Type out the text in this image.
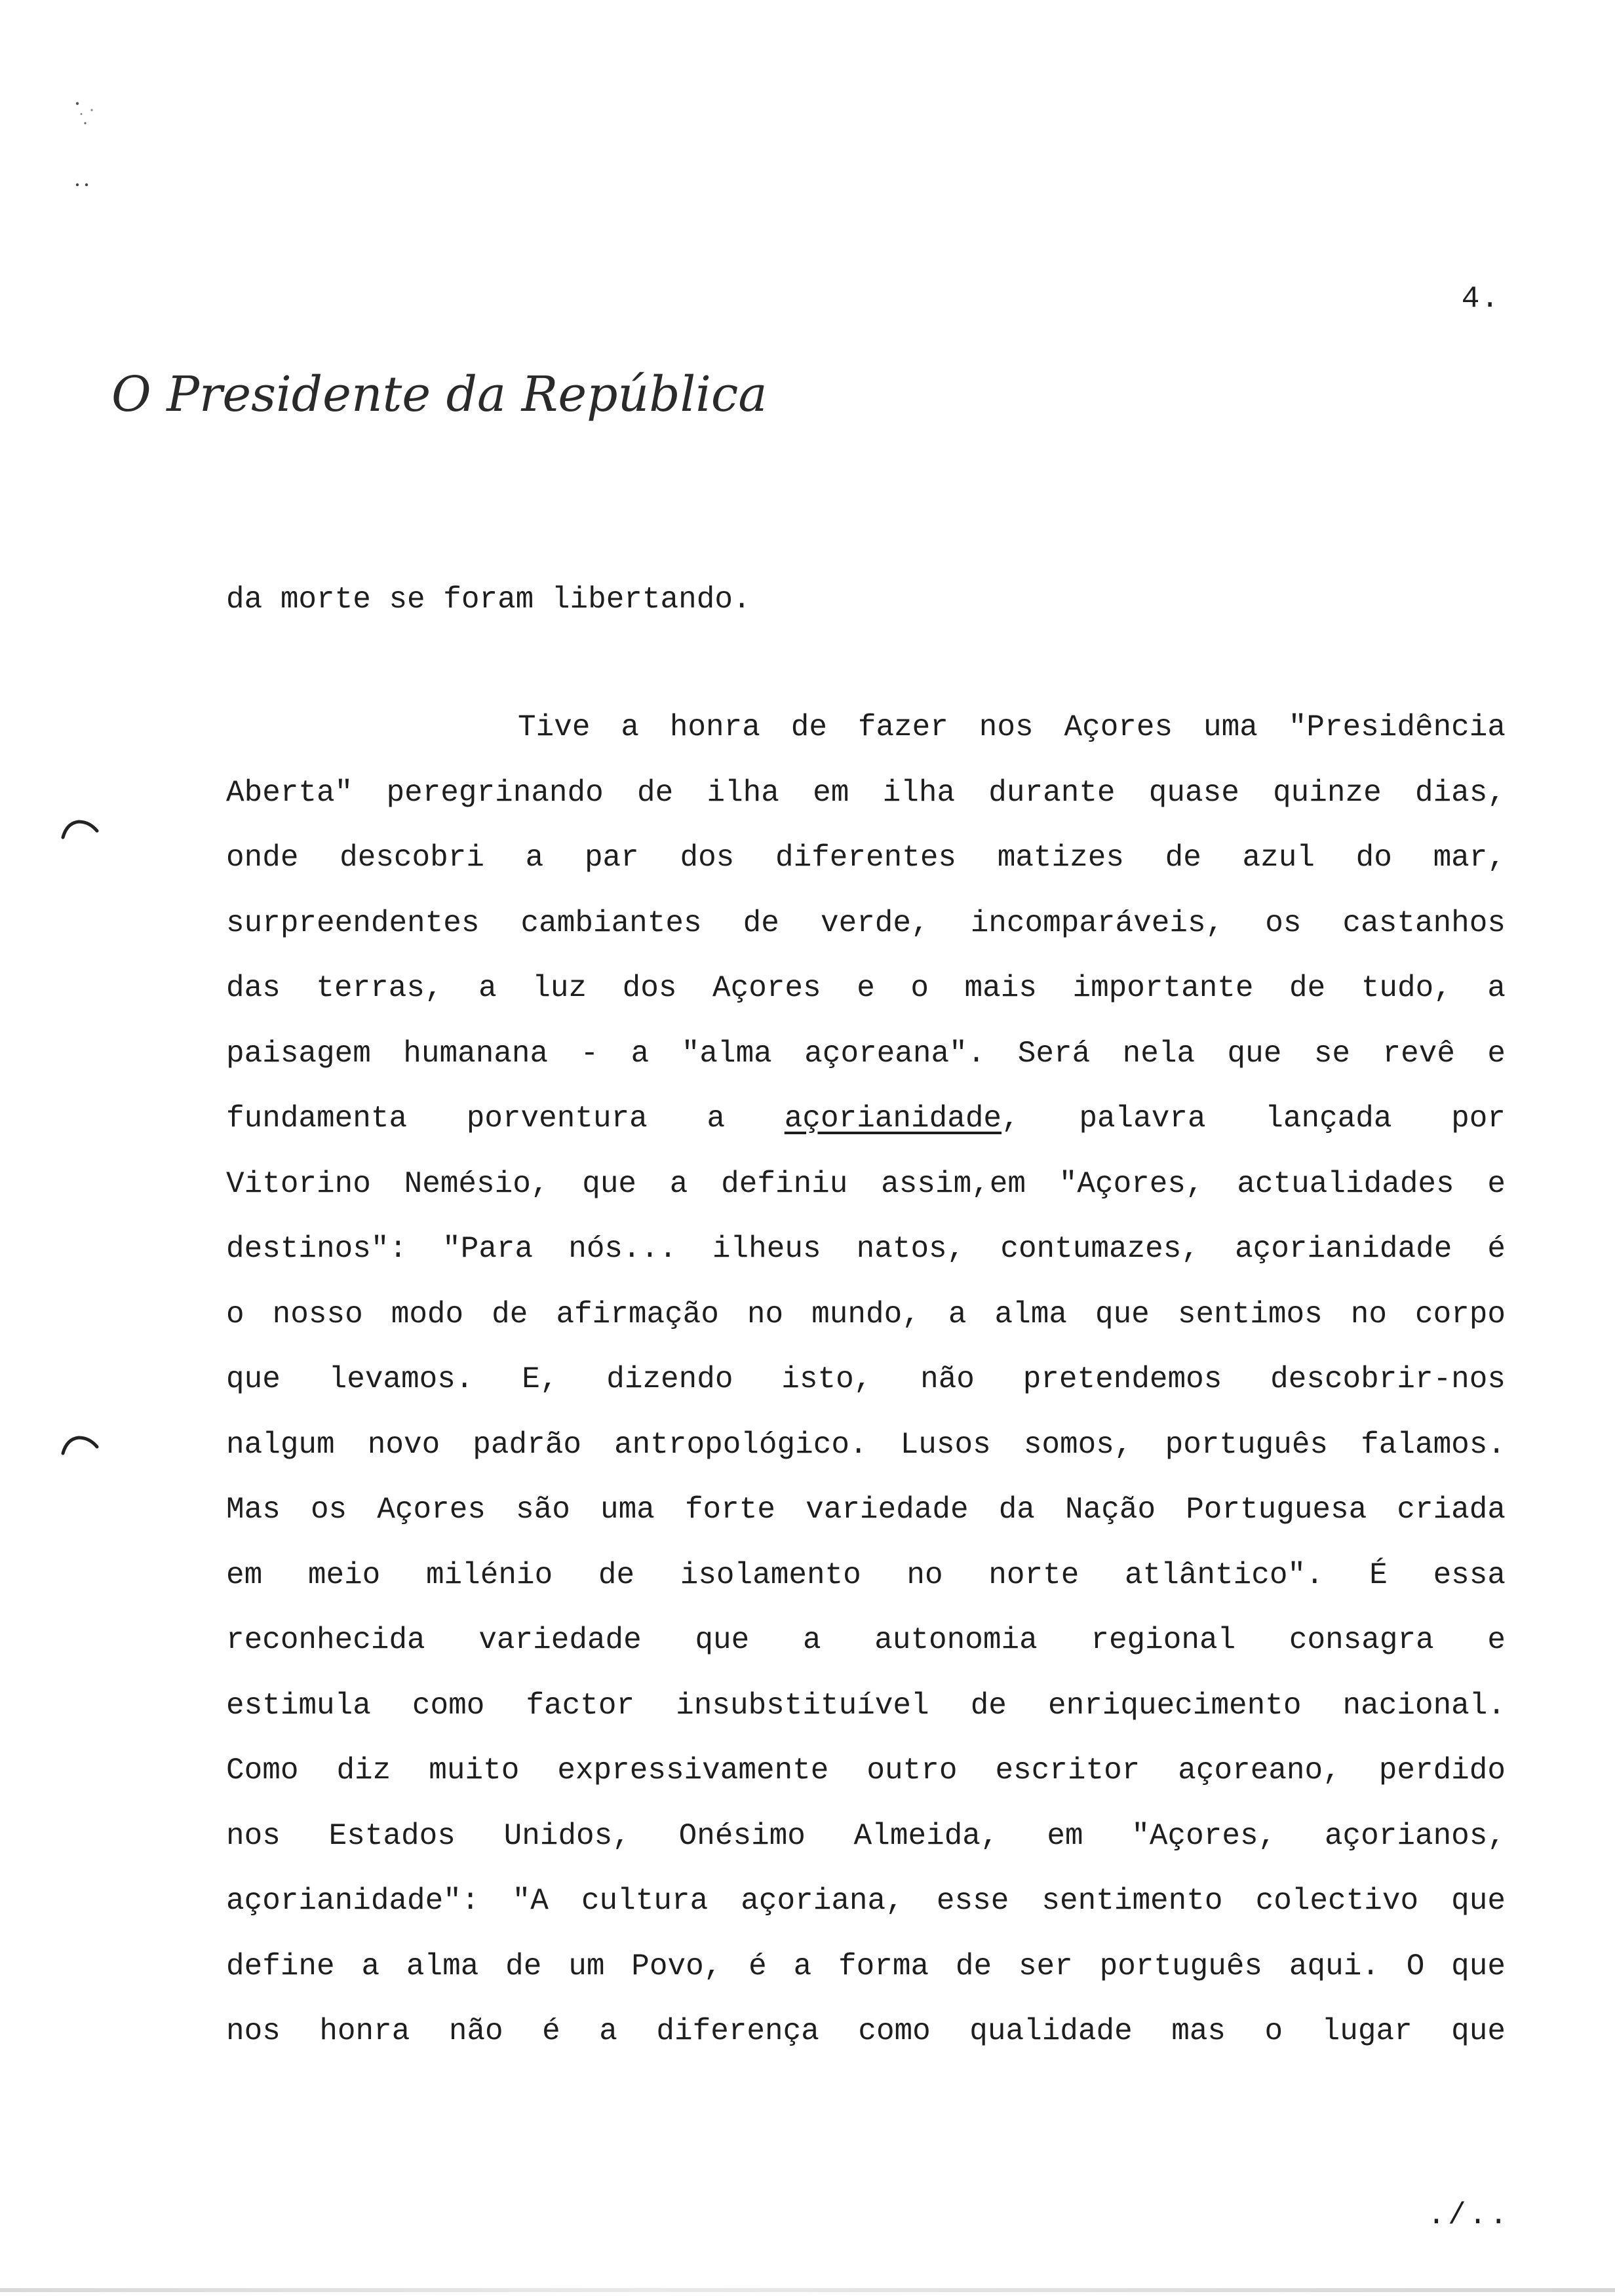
4.
O Presidente da República

da morte se foram libertando.

Tive a honra de fazer nos Açores uma "Presidência
Aberta" peregrinando de ilha em ilha durante quase quinze dias,
onde descobri a par dos diferentes matizes de azul do mar,
surpreendentes cambiantes de verde, incomparáveis, os castanhos
das terras, a luz dos Açores e o mais importante de tudo, a
paisagem humanana - a "alma açoreana". Será nela que se revê e
fundamenta porventura a açorianidade, palavra lançada por
Vitorino Nemésio, que a definiu assim,em "Açores, actualidades e
destinos": "Para nós... ilheus natos, contumazes, açorianidade é
o nosso modo de afirmação no mundo, a alma que sentimos no corpo
que levamos. E, dizendo isto, não pretendemos descobrir-nos
nalgum novo padrão antropológico. Lusos somos, português falamos.
Mas os Açores são uma forte variedade da Nação Portuguesa criada
em meio milénio de isolamento no norte atlântico". É essa
reconhecida variedade que a autonomia regional consagra e
estimula como factor insubstituível de enriquecimento nacional.
Como diz muito expressivamente outro escritor açoreano, perdido
nos Estados Unidos, Onésimo Almeida, em "Açores, açorianos,
açorianidade": "A cultura açoriana, esse sentimento colectivo que
define a alma de um Povo, é a forma de ser português aqui. O que
nos honra não é a diferença como qualidade mas o lugar que
./..
